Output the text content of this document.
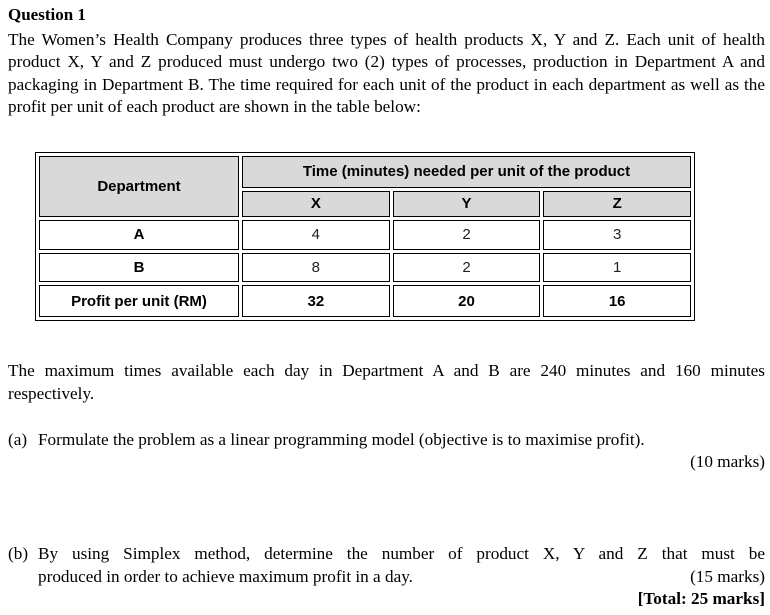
Question 1
The Women’s Health Company produces three types of health products X, Y and Z. Each unit of health product X, Y and Z produced must undergo two (2) types of processes, production in Department A and packaging in Department B. The time required for each unit of the product in each department as well as the profit per unit of each product are shown in the table below:
Department	Time (minutes) needed per unit of the product		
	X	Y	Z
A	4	2	3
B	8	2	1
Profit per unit (RM)	32	20	16
The maximum times available each day in Department A and B are 240 minutes and 160 minutes respectively.
(a) Formulate the problem as a linear programming model (objective is to maximise profit).
(10 marks)
(b) By using Simplex method, determine the number of product X, Y and Z that must be
produced in order to achieve maximum profit in a day.	(15 marks)
[Total: 25 marks]
